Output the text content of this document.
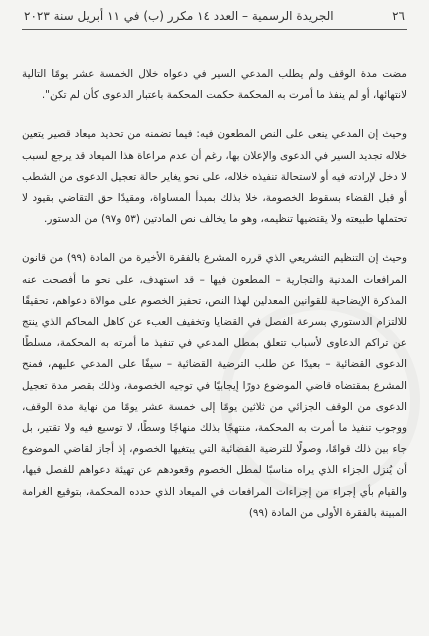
٢٦
الجريدة الرسمية – العدد ١٤ مكرر (ب) في ١١ أبريل سنة ٢٠٢٣

مضت مدة الوقف ولم يطلب المدعي السير في دعواه خلال الخمسة عشر يومًا التالية لانتهائها، أو لم ينفذ ما أمرت به المحكمة حكمت المحكمة باعتبار الدعوى كأن لم تكن".

وحيث إن المدعي ينعى على النص المطعون فيه: فيما تضمنه من تحديد ميعاد قصير يتعين خلاله تجديد السير في الدعوى والإعلان بها، رغم أن عدم مراعاة هذا الميعاد قد يرجع لسبب لا دخل لإرادته فيه أو لاستحالة تنفيذه خلاله، على نحو يغاير حالة تعجيل الدعوى من الشطب أو قبل القضاء بسقوط الخصومة، خلا بذلك بمبدأ المساواة، ومقيدًا حق التقاضي بقيود لا تحتملها طبيعته ولا يقتضيها تنظيمه، وهو ما يخالف نص المادتين (٥٣ و٩٧) من الدستور.

وحيث إن التنظيم التشريعي الذي قرره المشرع بالفقرة الأخيرة من المادة (٩٩) من قانون المرافعات المدنية والتجارية – المطعون فيها – قد استهدف، على نحو ما أفصحت عنه المذكرة الإيضاحية للقوانين المعدلين لهذا النص، تحفيز الخصوم على موالاة دعواهم، تحقيقًا للالتزام الدستوري بسرعة الفصل في القضايا وتخفيف العبء عن كاهل المحاكم الذي ينتج عن تراكم الدعاوى لأسباب تتعلق بمطل المدعي في تنفيذ ما أمرته به المحكمة، مسلطًا الدعوى القضائية – بعيدًا عن طلب الترضية القضائية – سيفًا على المدعي عليهم، فمنح المشرع بمقتضاه قاضي الموضوع دورًا إيجابيًا في توجيه الخصومة، وذلك بقصر مدة تعجيل الدعوى من الوقف الجزائي من ثلاثين يومًا إلى خمسة عشر يومًا من نهاية مدة الوقف، ووجوب تنفيذ ما أمرت به المحكمة، منتهجًا بذلك منهاجًا وسطًا، لا توسيع فيه ولا تقتير، بل جاء بين ذلك قوامًا، وصولًا للترضية القضائية التي يبتغيها الخصوم، إذ أجاز لقاضي الموضوع أن يُنزل الجزاء الذي يراه مناسبًا لمطل الخصوم وقعودهم عن تهيئة دعواهم للفصل فيها، والقيام بأي إجراء من إجراءات المرافعات في الميعاد الذي حدده المحكمة، بتوقيع الغرامة المبينة بالفقرة الأولى من المادة (٩٩)
